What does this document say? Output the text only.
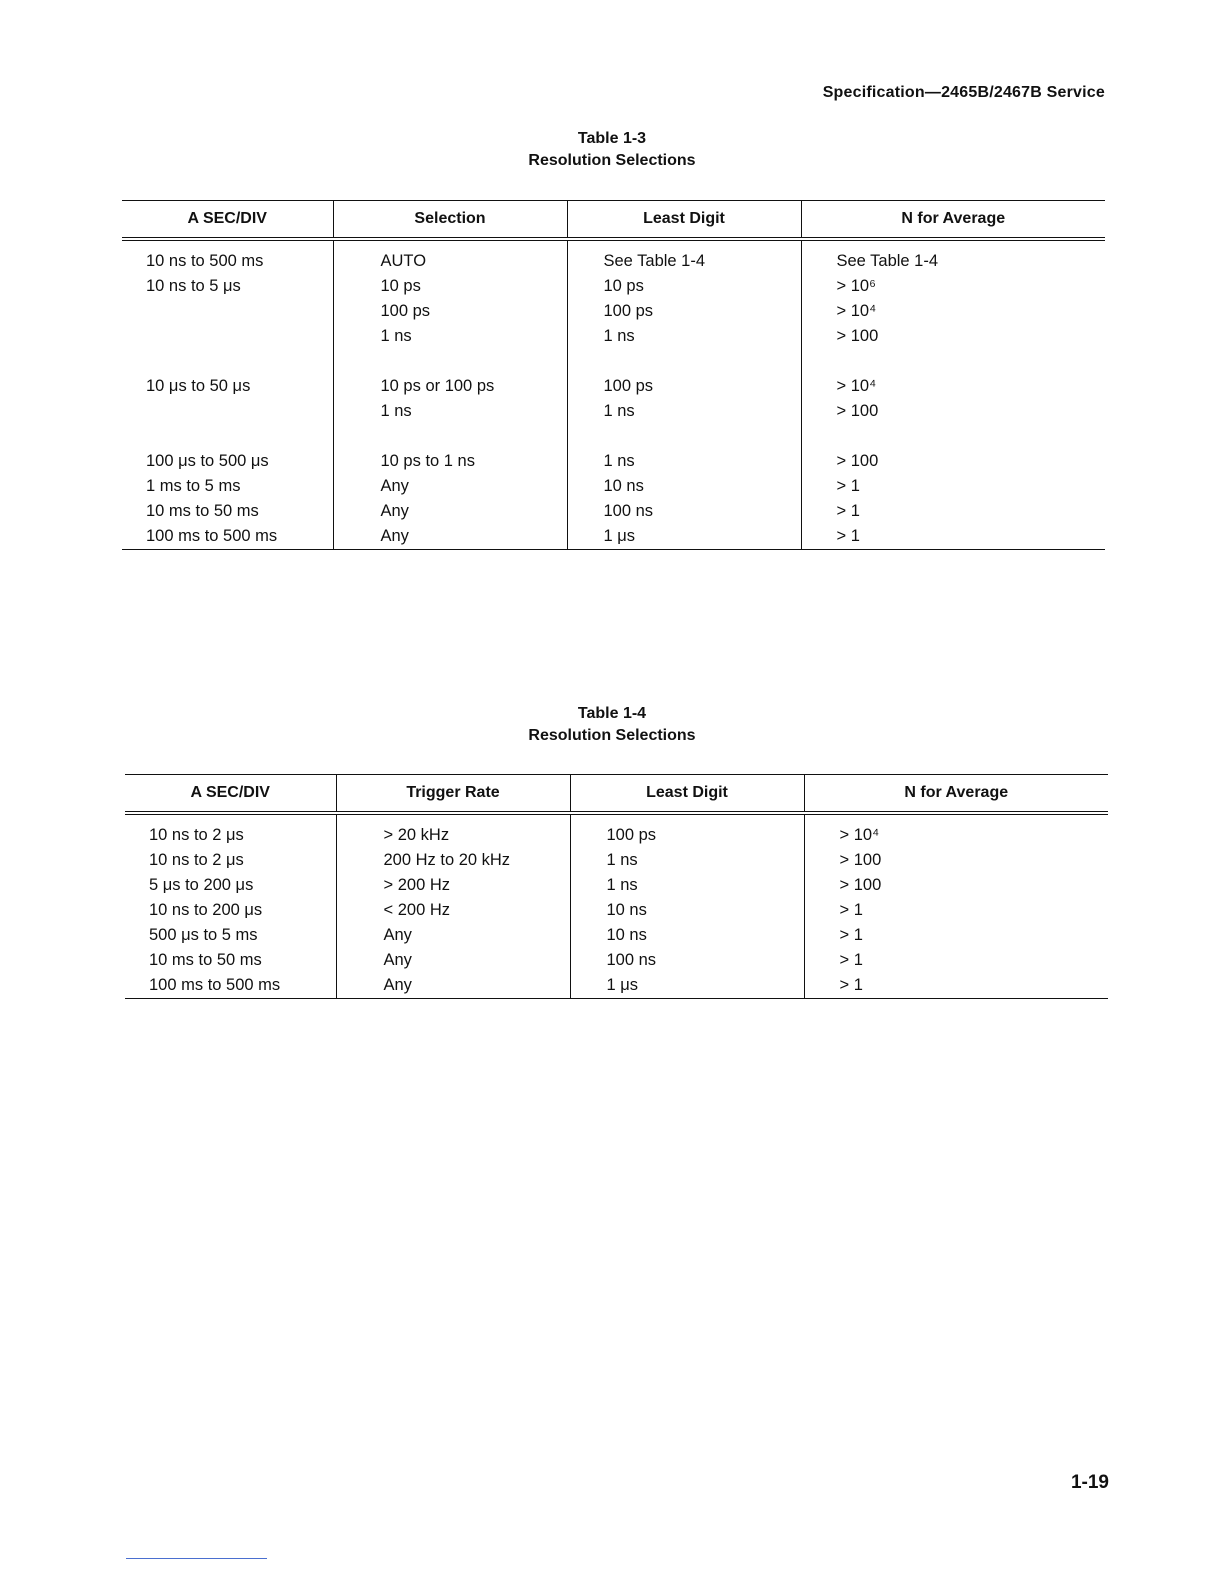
Specification—2465B/2467B Service
Table 1-3
Resolution Selections
A SEC/DIV	Selection	Least Digit	N for Average
10 ns to 500 ms	AUTO	See Table 1-4	See Table 1-4
10 ns to 5 μs	10 ps	10 ps	> 10⁶
	100 ps	100 ps	> 10⁴
	1 ns	1 ns	> 100

10 μs to 50 μs	10 ps or 100 ps	100 ps	> 10⁴
	1 ns	1 ns	> 100

100 μs to 500 μs	10 ps to 1 ns	1 ns	> 100
1 ms to 5 ms	Any	10 ns	> 1
10 ms to 50 ms	Any	100 ns	> 1
100 ms to 500 ms	Any	1 μs	> 1
Table 1-4
Resolution Selections
A SEC/DIV	Trigger Rate	Least Digit	N for Average
10 ns to 2 μs	> 20 kHz	100 ps	> 10⁴
10 ns to 2 μs	200 Hz to 20 kHz	1 ns	> 100
5 μs to 200 μs	> 200 Hz	1 ns	> 100
10 ns to 200 μs	< 200 Hz	10 ns	> 1
500 μs to 5 ms	Any	10 ns	> 1
10 ms to 50 ms	Any	100 ns	> 1
100 ms to 500 ms	Any	1 μs	> 1
1-19
